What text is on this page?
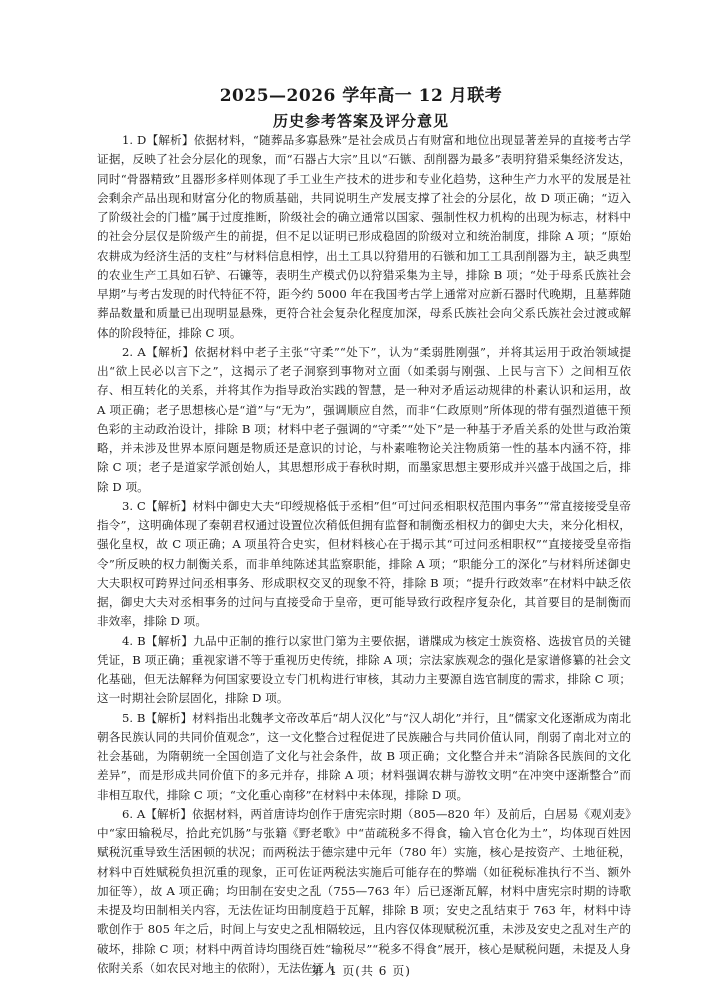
2025—2026 学年高一 12 月联考
历史参考答案及评分意见

1. D【解析】依据材料，“随葬品多寡悬殊”是社会成员占有财富和地位出现显著差异的直接考古学证据，反映了社会分层化的现象，而“石器占大宗”且以“石镞、刮削器为最多”表明狩猎采集经济发达，同时“骨器精致”且器形多样则体现了手工业生产技术的进步和专业化趋势，这种生产力水平的发展是社会剩余产品出现和财富分化的物质基础，共同说明生产发展支撑了社会的分层化，故 D 项正确；“迈入了阶级社会的门槛”属于过度推断，阶级社会的确立通常以国家、强制性权力机构的出现为标志，材料中的社会分层仅是阶级产生的前提，但不足以证明已形成稳固的阶级对立和统治制度，排除 A 项；“原始农耕成为经济生活的支柱”与材料信息相悖，出土工具以狩猎用的石镞和加工工具刮削器为主，缺乏典型的农业生产工具如石铲、石镰等，表明生产模式仍以狩猎采集为主导，排除 B 项；“处于母系氏族社会早期”与考古发现的时代特征不符，距今约 5000 年在我国考古学上通常对应新石器时代晚期，且墓葬随葬品数量和质量已出现明显悬殊，更符合社会复杂化程度加深，母系氏族社会向父系氏族社会过渡或解体的阶段特征，排除 C 项。

2. A【解析】依据材料中老子主张“守柔”“处下”，认为“柔弱胜刚强”，并将其运用于政治领域提出“欲上民必以言下之”，这揭示了老子洞察到事物对立面（如柔弱与刚强、上民与言下）之间相互依存、相互转化的关系，并将其作为指导政治实践的智慧，是一种对矛盾运动规律的朴素认识和运用，故 A 项正确；老子思想核心是“道”与“无为”，强调顺应自然，而非“仁政原则”所体现的带有强烈道德干预色彩的主动政治设计，排除 B 项；材料中老子强调的“守柔”“处下”是一种基于矛盾关系的处世与政治策略，并未涉及世界本原问题是物质还是意识的讨论，与朴素唯物论关注物质第一性的基本内涵不符，排除 C 项；老子是道家学派创始人，其思想形成于春秋时期，而墨家思想主要形成并兴盛于战国之后，排除 D 项。

3. C【解析】材料中御史大夫“印绶规格低于丞相”但“可过问丞相职权范围内事务”“常直接接受皇帝指令”，这明确体现了秦朝君权通过设置位次稍低但拥有监督和制衡丞相权力的御史大夫，来分化相权，强化皇权，故 C 项正确；A 项虽符合史实，但材料核心在于揭示其“可过问丞相职权”“直接接受皇帝指令”所反映的权力制衡关系，而非单纯陈述其监察职能，排除 A 项；“职能分工的深化”与材料所述御史大夫职权可跨界过问丞相事务、形成职权交叉的现象不符，排除 B 项；“提升行政效率”在材料中缺乏依据，御史大夫对丞相事务的过问与直接受命于皇帝，更可能导致行政程序复杂化，其首要目的是制衡而非效率，排除 D 项。

4. B【解析】九品中正制的推行以家世门第为主要依据，谱牒成为核定士族资格、选拔官员的关键凭证，B 项正确；重视家谱不等于重视历史传统，排除 A 项；宗法家族观念的强化是家谱修纂的社会文化基础，但无法解释为何国家要设立专门机构进行审核，其动力主要源自选官制度的需求，排除 C 项；这一时期社会阶层固化，排除 D 项。

5. B【解析】材料指出北魏孝文帝改革后“胡人汉化”与“汉人胡化”并行，且“儒家文化逐渐成为南北朝各民族认同的共同价值观念”，这一文化整合过程促进了民族融合与共同价值认同，削弱了南北对立的社会基础，为隋朝统一全国创造了文化与社会条件，故 B 项正确；文化整合并未“消除各民族间的文化差异”，而是形成共同价值下的多元并存，排除 A 项；材料强调农耕与游牧文明“在冲突中逐渐整合”而非相互取代，排除 C 项；“文化重心南移”在材料中未体现，排除 D 项。

6. A【解析】依据材料，两首唐诗均创作于唐宪宗时期（805—820 年）及前后，白居易《观刈麦》中“家田输税尽，拾此充饥肠”与张籍《野老歌》中“苗疏税多不得食，输入官仓化为土”，均体现百姓因赋税沉重导致生活困顿的状况；而两税法于德宗建中元年（780 年）实施，核心是按资产、土地征税，材料中百姓赋税负担沉重的现象，正可佐证两税法实施后可能存在的弊端（如征税标准执行不当、额外加征等），故 A 项正确；均田制在安史之乱（755—763 年）后已逐渐瓦解，材料中唐宪宗时期的诗歌未提及均田制相关内容，无法佐证均田制度趋于瓦解，排除 B 项；安史之乱结束于 763 年，材料中诗歌创作于 805 年之后，时间上与安史之乱相隔较远，且内容仅体现赋税沉重，未涉及安史之乱对生产的破坏，排除 C 项；材料中两首诗均围绕百姓“输税尽”“税多不得食”展开，核心是赋税问题，未提及人身依附关系（如农民对地主的依附），无法佐证人

第 1 页(共 6 页)
